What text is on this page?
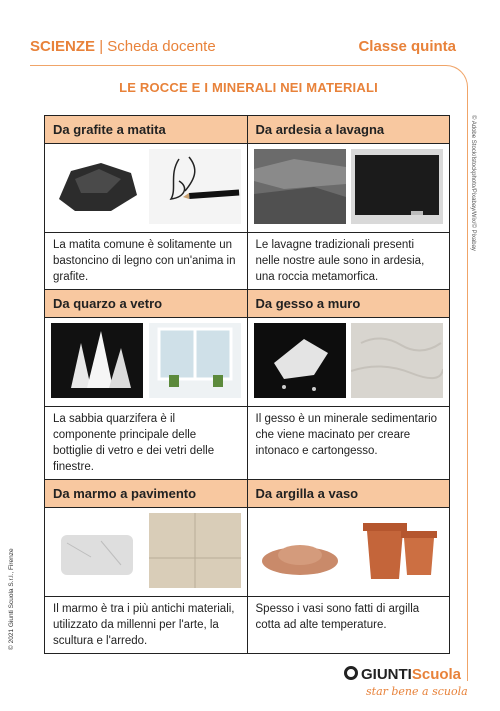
SCIENZE | Scheda docente	Classe quinta
LE ROCCE E I MINERALI NEI MATERIALI
Da grafite a matita	Da ardesia a lavagna

La matita comune è solitamente un bastoncino di legno con un'anima in grafite.	Le lavagne tradizionali presenti nelle nostre aule sono in ardesia, una roccia metamorfica.
Da quarzo a vetro	Da gesso a muro

La sabbia quarzifera è il componente principale delle bottiglie di vetro e dei vetri delle finestre.	Il gesso è un minerale sedimentario che viene macinato per creare intonaco e cartongesso.
Da marmo a pavimento	Da argilla a vaso

Il marmo è tra i più antichi materiali, utilizzato da millenni per l'arte, la scultura e l'arredo.	Spesso i vasi sono fatti di argilla cotta ad alte temperature.
© 2021 Giunti Scuola S.r.l., Firenze
© Adobe Stock/Istockphoto/Pixabay/Wix/© Pixabay
GIUNTIScuola
star bene a scuola
